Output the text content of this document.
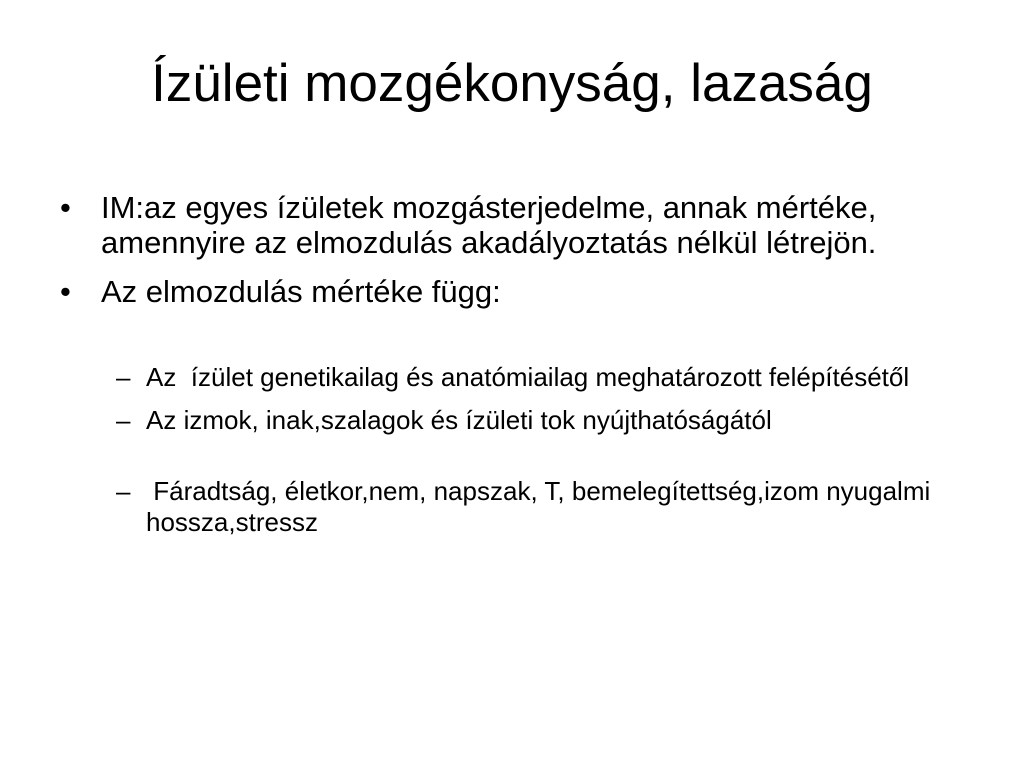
Ízületi mozgékonyság, lazaság
• IM:az egyes ízületek mozgásterjedelme, annak mértéke, amennyire az elmozdulás akadályoztatás nélkül létrejön.
• Az elmozdulás mértéke függ:
– Az  ízület genetikailag és anatómiailag meghatározott felépítésétől
– Az izmok, inak,szalagok és ízületi tok nyújthatóságától
– Fáradtság, életkor,nem, napszak, T, bemelegítettség,izom nyugalmi hossza,stressz
